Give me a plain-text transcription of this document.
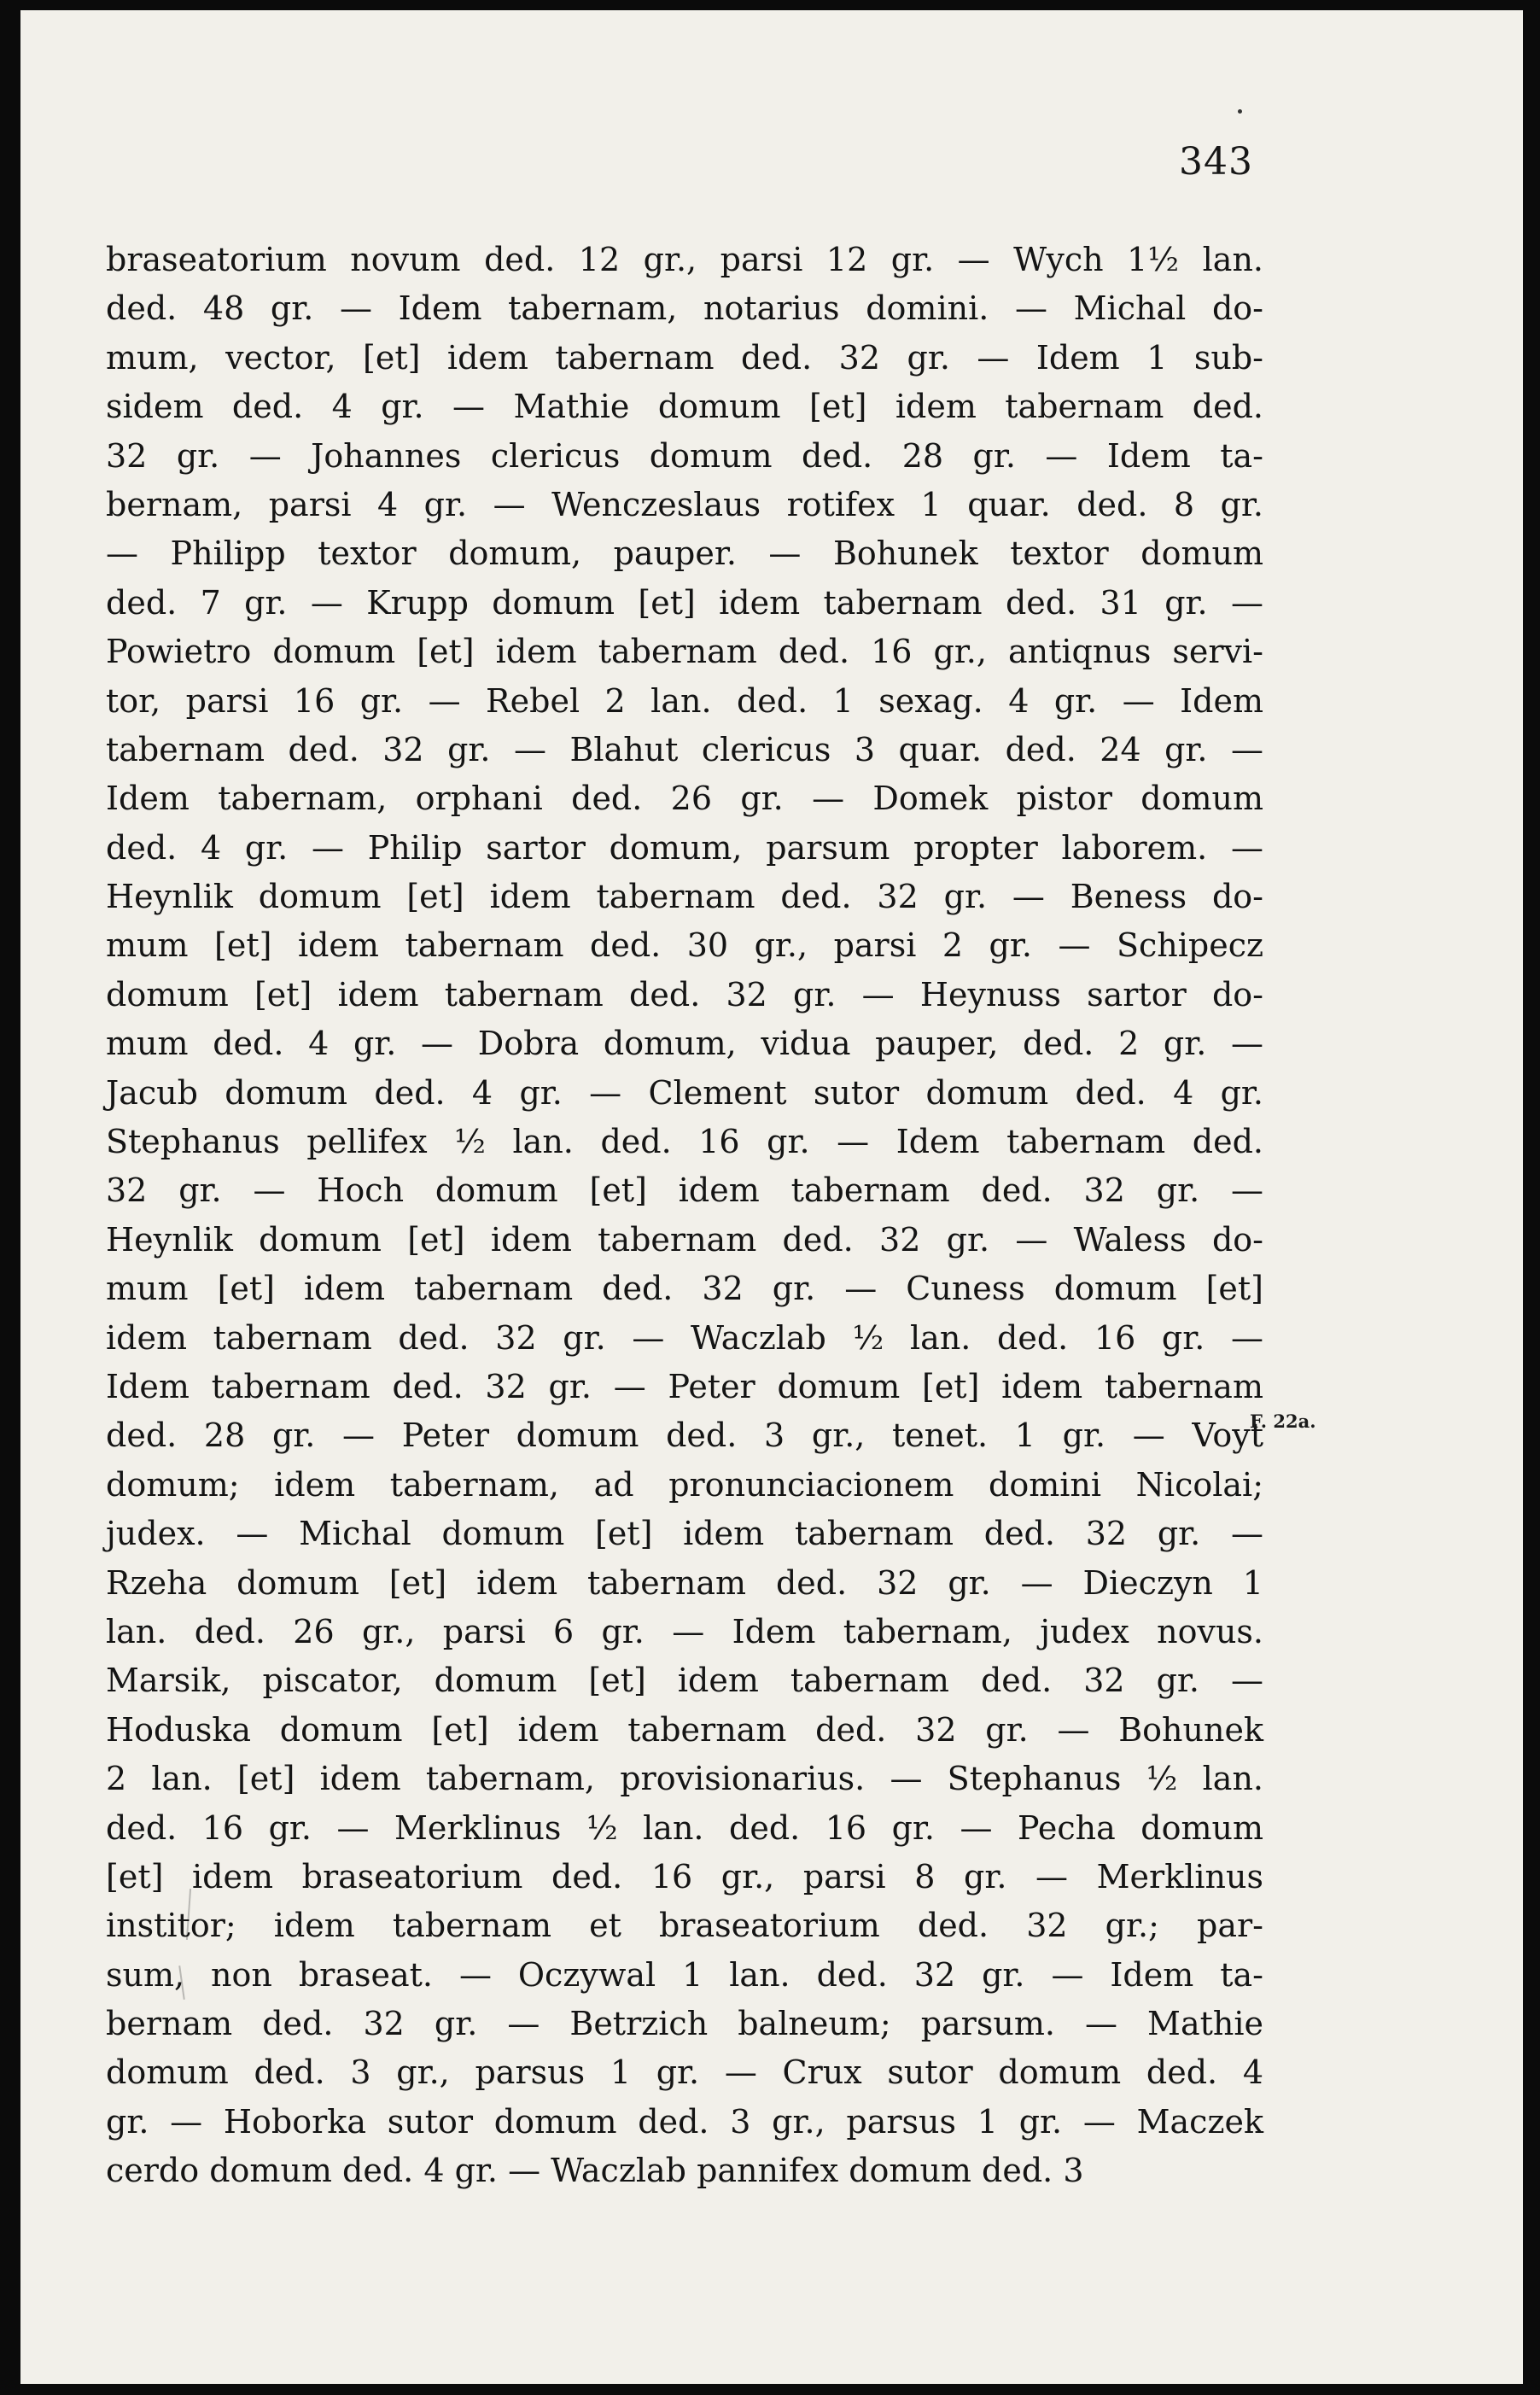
343
braseatorium novum ded. 12 gr., parsi 12 gr. — Wych 1½ lan.
ded. 48 gr. — Idem tabernam, notarius domini. — Michal do-
mum, vector, [et] idem tabernam ded. 32 gr. — Idem 1 sub-
sidem ded. 4 gr. — Mathie domum [et] idem tabernam ded.
32 gr. — Johannes clericus domum ded. 28 gr. — Idem ta-
bernam, parsi 4 gr. — Wenczeslaus rotifex 1 quar. ded. 8 gr.
— Philipp textor domum, pauper. — Bohunek textor domum
ded. 7 gr. — Krupp domum [et] idem tabernam ded. 31 gr. —
Powietro domum [et] idem tabernam ded. 16 gr., antiqnus servi-
tor, parsi 16 gr. — Rebel 2 lan. ded. 1 sexag. 4 gr. — Idem
tabernam ded. 32 gr. — Blahut clericus 3 quar. ded. 24 gr. —
Idem tabernam, orphani ded. 26 gr. — Domek pistor domum
ded. 4 gr. — Philip sartor domum, parsum propter laborem. —
Heynlik domum [et] idem tabernam ded. 32 gr. — Beness do-
mum [et] idem tabernam ded. 30 gr., parsi 2 gr. — Schipecz
domum [et] idem tabernam ded. 32 gr. — Heynuss sartor do-
mum ded. 4 gr. — Dobra domum, vidua pauper, ded. 2 gr. —
Jacub domum ded. 4 gr. — Clement sutor domum ded. 4 gr.
Stephanus pellifex ½ lan. ded. 16 gr. — Idem tabernam ded.
32 gr. — Hoch domum [et] idem tabernam ded. 32 gr. —
Heynlik domum [et] idem tabernam ded. 32 gr. — Waless do-
mum [et] idem tabernam ded. 32 gr. — Cuness domum [et]
idem tabernam ded. 32 gr. — Waczlab ½ lan. ded. 16 gr. —
Idem tabernam ded. 32 gr. — Peter domum [et] idem tabernam
ded. 28 gr. — Peter domum ded. 3 gr., tenet. 1 gr. — Voyt
domum; idem tabernam, ad pronunciacionem domini Nicolai;
judex. — Michal domum [et] idem tabernam ded. 32 gr. —
Rzeha domum [et] idem tabernam ded. 32 gr. — Dieczyn 1
lan. ded. 26 gr., parsi 6 gr. — Idem tabernam, judex novus.
Marsik, piscator, domum [et] idem tabernam ded. 32 gr. —
Hoduska domum [et] idem tabernam ded. 32 gr. — Bohunek
2 lan. [et] idem tabernam, provisionarius. — Stephanus ½ lan.
ded. 16 gr. — Merklinus ½ lan. ded. 16 gr. — Pecha domum
[et] idem braseatorium ded. 16 gr., parsi 8 gr. — Merklinus
institor; idem tabernam et braseatorium ded. 32 gr.; par-
sum, non braseat. — Oczywal 1 lan. ded. 32 gr. — Idem ta-
bernam ded. 32 gr. — Betrzich balneum; parsum. — Mathie
domum ded. 3 gr., parsus 1 gr. — Crux sutor domum ded. 4
gr. — Hoborka sutor domum ded. 3 gr., parsus 1 gr. — Maczek
cerdo domum ded. 4 gr. — Waczlab pannifex domum ded. 3
F. 22a.
